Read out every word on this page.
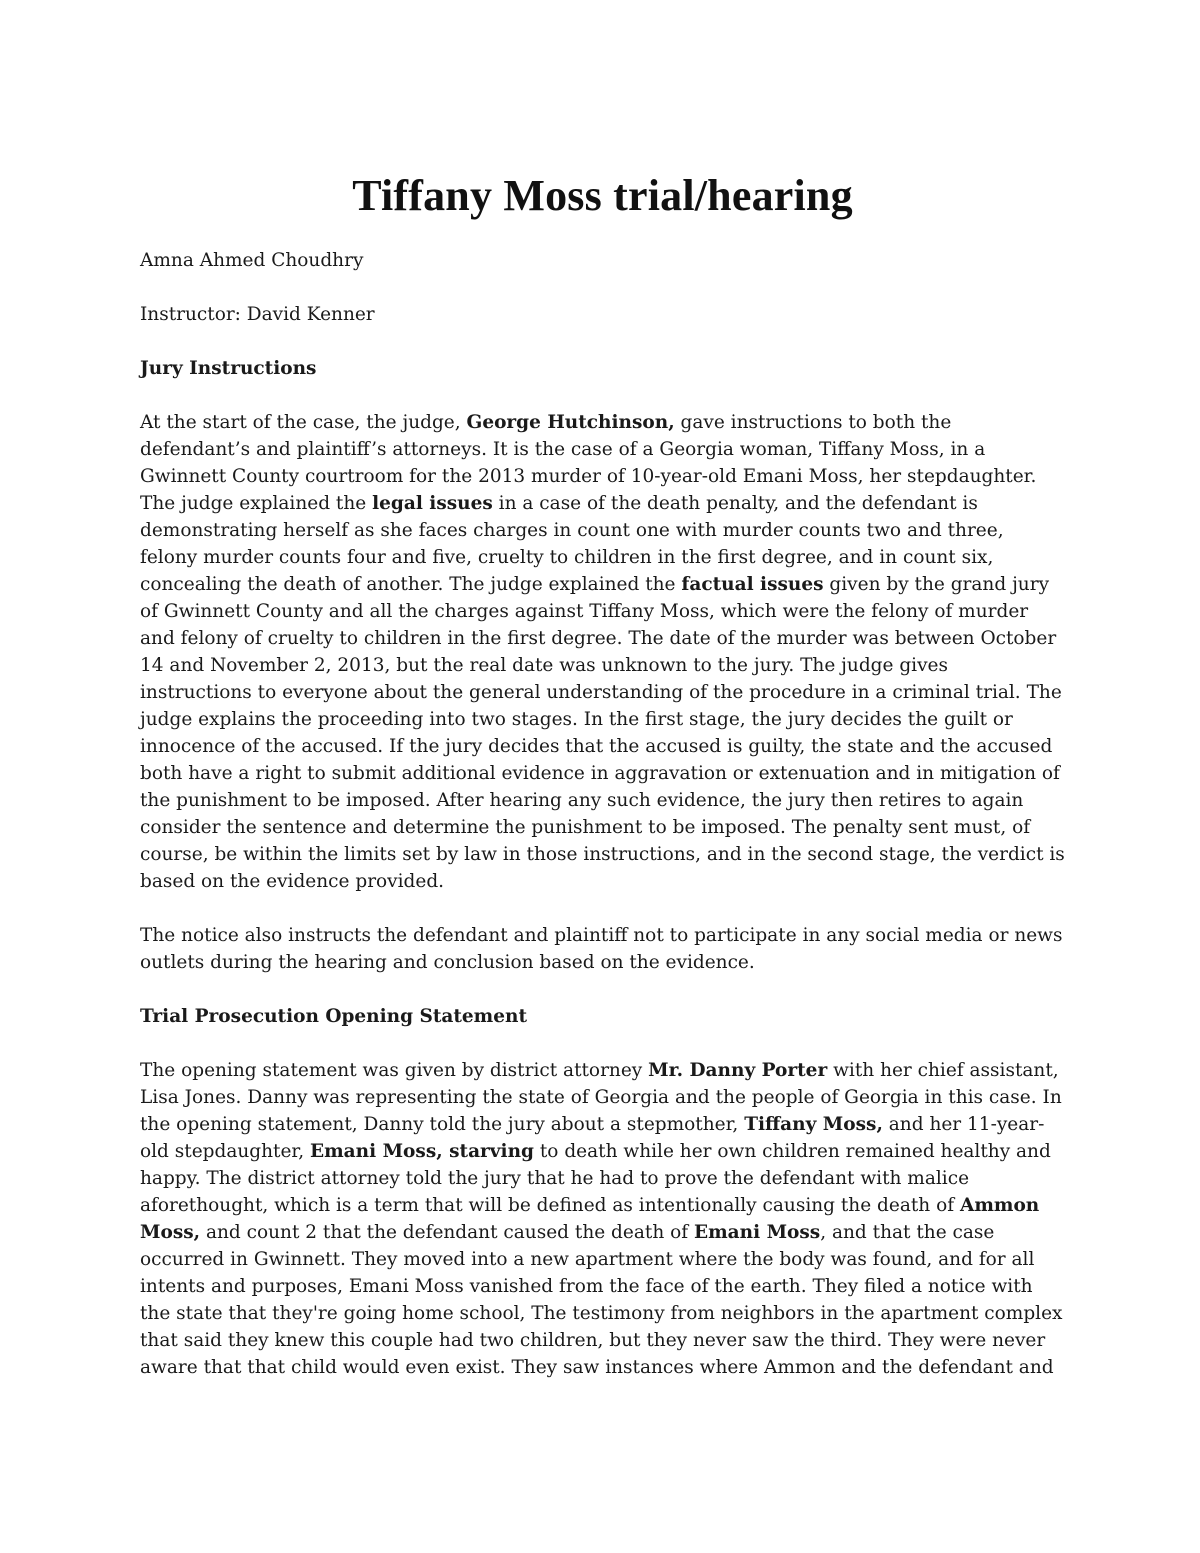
Tiffany Moss trial/hearing

Amna Ahmed Choudhry

Instructor: David Kenner

Jury Instructions

At the start of the case, the judge, George Hutchinson, gave instructions to both the defendant’s and plaintiff’s attorneys. It is the case of a Georgia woman, Tiffany Moss, in a Gwinnett County courtroom for the 2013 murder of 10-year-old Emani Moss, her stepdaughter. The judge explained the legal issues in a case of the death penalty, and the defendant is demonstrating herself as she faces charges in count one with murder counts two and three, felony murder counts four and five, cruelty to children in the first degree, and in count six, concealing the death of another. The judge explained the factual issues given by the grand jury of Gwinnett County and all the charges against Tiffany Moss, which were the felony of murder and felony of cruelty to children in the first degree. The date of the murder was between October 14 and November 2, 2013, but the real date was unknown to the jury. The judge gives instructions to everyone about the general understanding of the procedure in a criminal trial. The judge explains the proceeding into two stages. In the first stage, the jury decides the guilt or innocence of the accused. If the jury decides that the accused is guilty, the state and the accused both have a right to submit additional evidence in aggravation or extenuation and in mitigation of the punishment to be imposed. After hearing any such evidence, the jury then retires to again consider the sentence and determine the punishment to be imposed. The penalty sent must, of course, be within the limits set by law in those instructions, and in the second stage, the verdict is based on the evidence provided.

The notice also instructs the defendant and plaintiff not to participate in any social media or news outlets during the hearing and conclusion based on the evidence.

Trial Prosecution Opening Statement

The opening statement was given by district attorney Mr. Danny Porter with her chief assistant, Lisa Jones. Danny was representing the state of Georgia and the people of Georgia in this case. In the opening statement, Danny told the jury about a stepmother, Tiffany Moss, and her 11-year-old stepdaughter, Emani Moss, starving to death while her own children remained healthy and happy. The district attorney told the jury that he had to prove the defendant with malice aforethought, which is a term that will be defined as intentionally causing the death of Ammon Moss, and count 2 that the defendant caused the death of Emani Moss, and that the case occurred in Gwinnett. They moved into a new apartment where the body was found, and for all intents and purposes, Emani Moss vanished from the face of the earth. They filed a notice with the state that they're going home school, The testimony from neighbors in the apartment complex that said they knew this couple had two children, but they never saw the third. They were never aware that that child would even exist. They saw instances where Ammon and the defendant and
